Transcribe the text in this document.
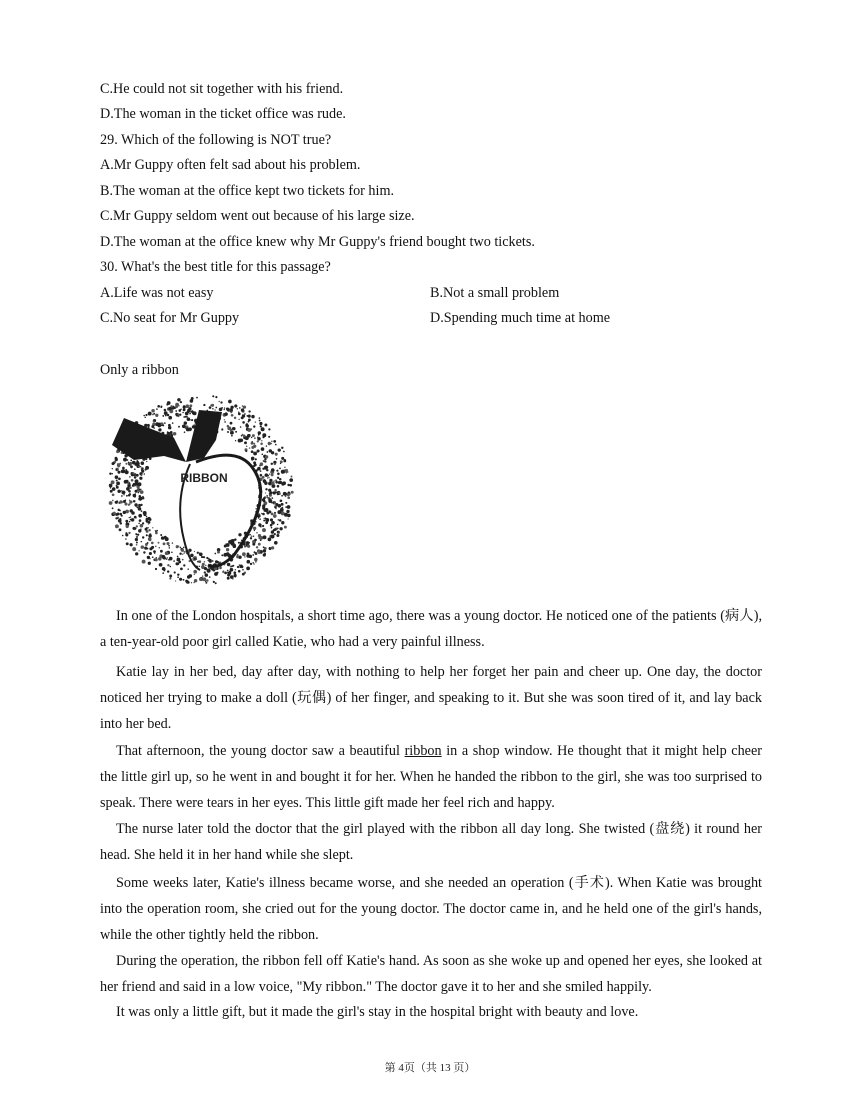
C.He could not sit together with his friend.
D.The woman in the ticket office was rude.
29. Which of the following is NOT true?
A.Mr Guppy often felt sad about his problem.
B.The woman at the office kept two tickets for him.
C.Mr Guppy seldom went out because of his large size.
D.The woman at the office knew why Mr Guppy's friend bought two tickets.
30. What's the best title for this passage?
A.Life was not easy	B.Not a small problem
C.No seat for Mr Guppy	D.Spending much time at home
Only a ribbon
RIBBON

In one of the London hospitals, a short time ago, there was a young doctor. He noticed one of the patients (病人), a ten-year-old poor girl called Katie, who had a very painful illness.

Katie lay in her bed, day after day, with nothing to help her forget her pain and cheer up. One day, the doctor noticed her trying to make a doll (玩偶) of her finger, and speaking to it. But she was soon tired of it, and lay back into her bed.

That afternoon, the young doctor saw a beautiful ribbon in a shop window. He thought that it might help cheer the little girl up, so he went in and bought it for her. When he handed the ribbon to the girl, she was too surprised to speak. There were tears in her eyes. This little gift made her feel rich and happy.

The nurse later told the doctor that the girl played with the ribbon all day long. She twisted (盘绕) it round her head. She held it in her hand while she slept.

Some weeks later, Katie's illness became worse, and she needed an operation (手术). When Katie was brought into the operation room, she cried out for the young doctor. The doctor came in, and he held one of the girl's hands, while the other tightly held the ribbon.

During the operation, the ribbon fell off Katie's hand. As soon as she woke up and opened her eyes, she looked at her friend and said in a low voice, "My ribbon." The doctor gave it to her and she smiled happily.

It was only a little gift, but it made the girl's stay in the hospital bright with beauty and love.

第 4页（共 13 页）
